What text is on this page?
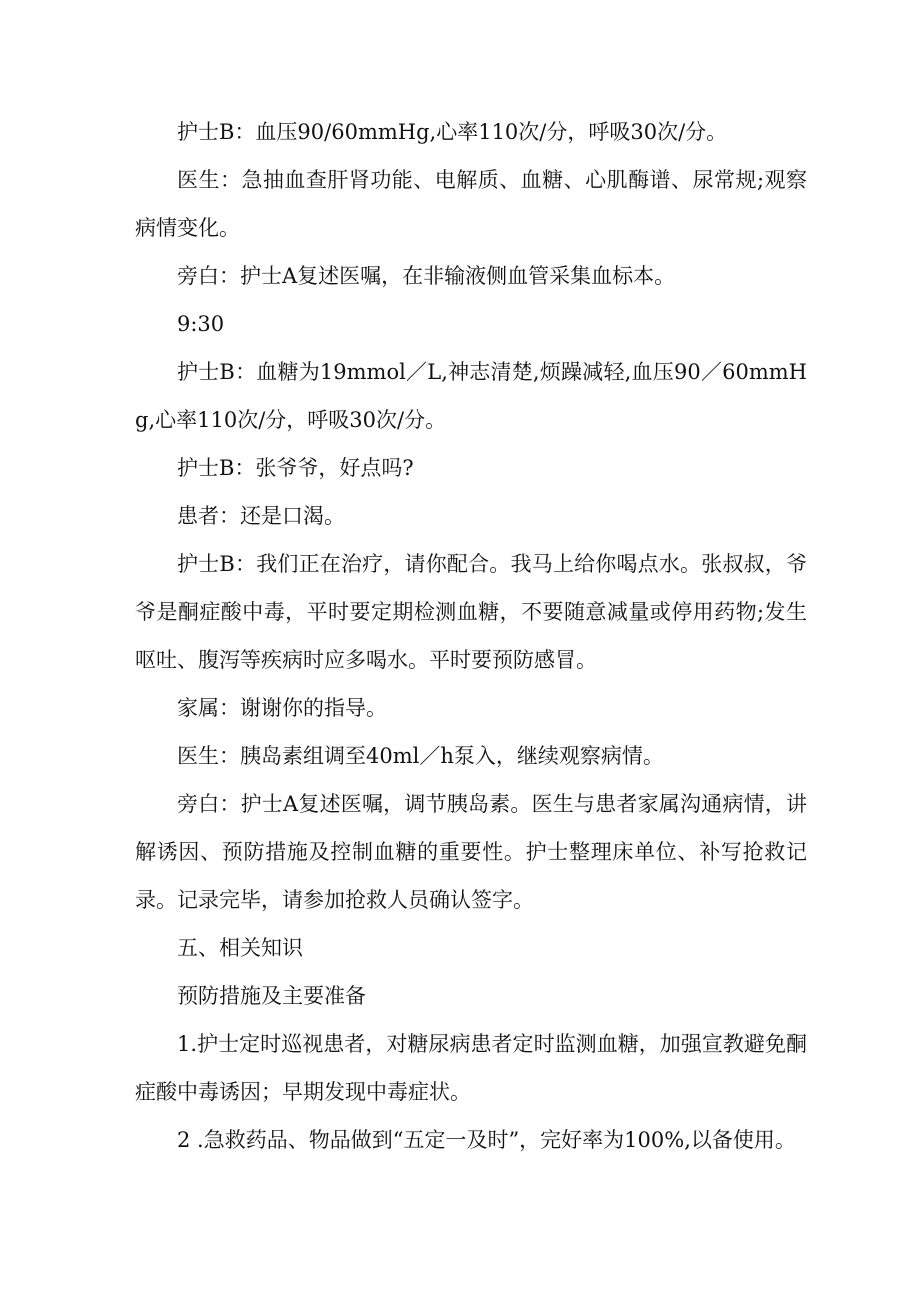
护士B：血压90/60mmHg,心率110次/分，呼吸30次/分。

医生：急抽血查肝肾功能、电解质、血糖、心肌酶谱、尿常规;观察病情变化。

旁白：护士A复述医嘱，在非输液侧血管采集血标本。

9:30

护士B：血糖为19mmol／L,神志清楚,烦躁减轻,血压90／60mmHg,心率110次/分，呼吸30次/分。

护士B：张爷爷，好点吗?

患者：还是口渴。

护士B：我们正在治疗，请你配合。我马上给你喝点水。张叔叔，爷爷是酮症酸中毒，平时要定期检测血糖，不要随意减量或停用药物;发生呕吐、腹泻等疾病时应多喝水。平时要预防感冒。

家属：谢谢你的指导。

医生：胰岛素组调至40ml／h泵入，继续观察病情。

旁白：护士A复述医嘱，调节胰岛素。医生与患者家属沟通病情，讲解诱因、预防措施及控制血糖的重要性。护士整理床单位、补写抢救记录。记录完毕，请参加抢救人员确认签字。

五、相关知识

预防措施及主要准备

1.护士定时巡视患者，对糖尿病患者定时监测血糖，加强宣教避免酮症酸中毒诱因；早期发现中毒症状。

2 .急救药品、物品做到“五定一及时”，完好率为100%,以备使用。
